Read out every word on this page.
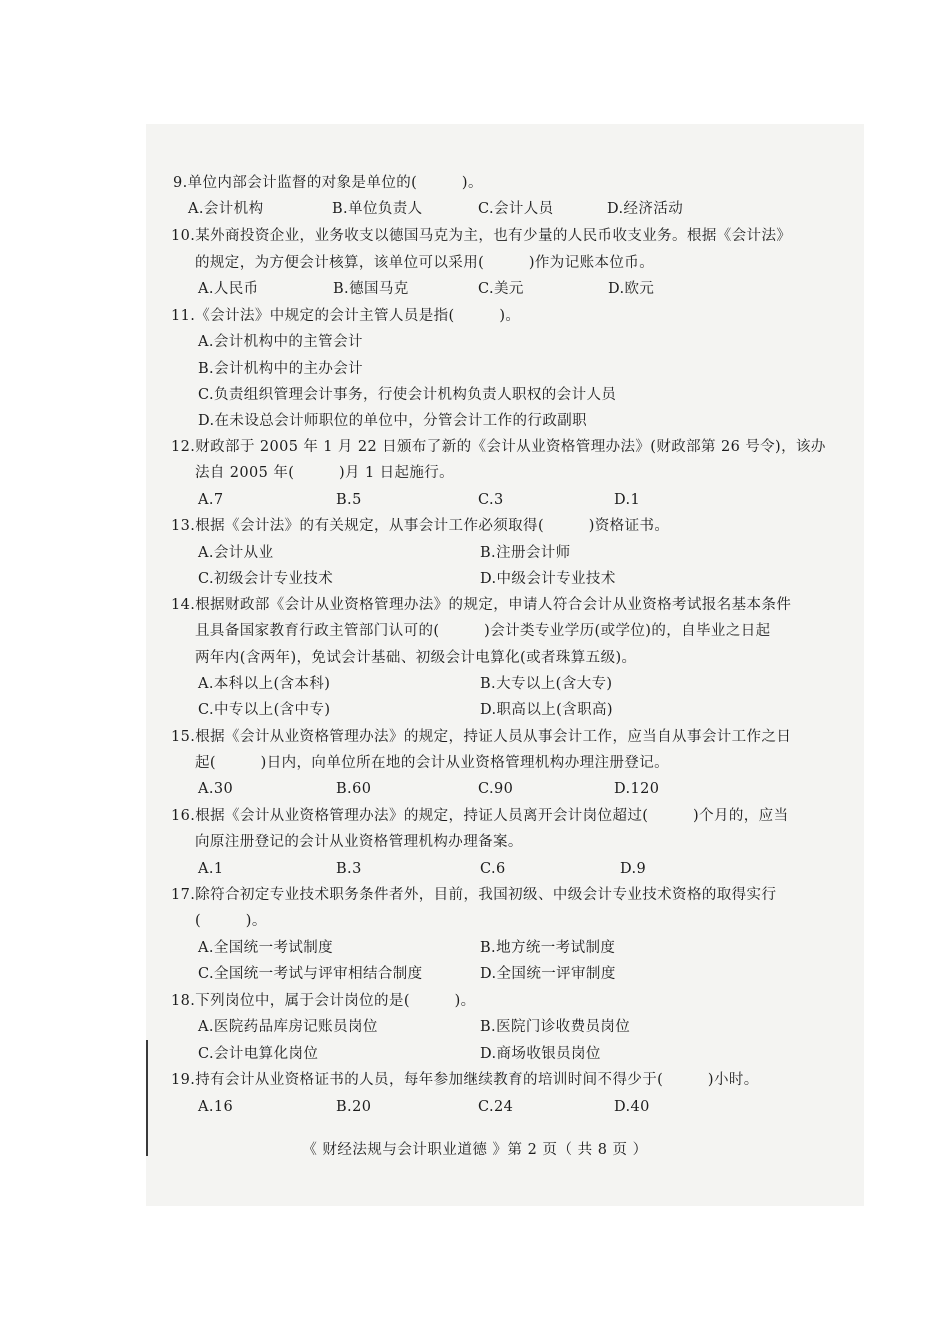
9.单位内部会计监督的对象是单位的(　　　)。
A.会计机构	B.单位负责人	C.会计人员	D.经济活动
10.某外商投资企业，业务收支以德国马克为主，也有少量的人民币收支业务。根据《会计法》
的规定，为方便会计核算，该单位可以采用(　　　)作为记账本位币。
A.人民币	B.德国马克	C.美元	D.欧元
11.《会计法》中规定的会计主管人员是指(　　　)。
A.会计机构中的主管会计
B.会计机构中的主办会计
C.负责组织管理会计事务，行使会计机构负责人职权的会计人员
D.在未设总会计师职位的单位中，分管会计工作的行政副职
12.财政部于 2005 年 1 月 22 日颁布了新的《会计从业资格管理办法》(财政部第 26 号令)，该办
法自 2005 年(　　　)月 1 日起施行。
A.7	B.5	C.3	D.1
13.根据《会计法》的有关规定，从事会计工作必须取得(　　　)资格证书。
A.会计从业	B.注册会计师
C.初级会计专业技术	D.中级会计专业技术
14.根据财政部《会计从业资格管理办法》的规定，申请人符合会计从业资格考试报名基本条件
且具备国家教育行政主管部门认可的(　　　)会计类专业学历(或学位)的，自毕业之日起
两年内(含两年)，免试会计基础、初级会计电算化(或者珠算五级)。
A.本科以上(含本科)	B.大专以上(含大专)
C.中专以上(含中专)	D.职高以上(含职高)
15.根据《会计从业资格管理办法》的规定，持证人员从事会计工作，应当自从事会计工作之日
起(　　　)日内，向单位所在地的会计从业资格管理机构办理注册登记。
A.30	B.60	C.90	D.120
16.根据《会计从业资格管理办法》的规定，持证人员离开会计岗位超过(　　　)个月的，应当
向原注册登记的会计从业资格管理机构办理备案。
A.1	B.3	C.6	D.9
17.除符合初定专业技术职务条件者外，目前，我国初级、中级会计专业技术资格的取得实行
(　　　)。
A.全国统一考试制度	B.地方统一考试制度
C.全国统一考试与评审相结合制度	D.全国统一评审制度
18.下列岗位中，属于会计岗位的是(　　　)。
A.医院药品库房记账员岗位	B.医院门诊收费员岗位
C.会计电算化岗位	D.商场收银员岗位
19.持有会计从业资格证书的人员，每年参加继续教育的培训时间不得少于(　　　)小时。
A.16	B.20	C.24	D.40
《 财经法规与会计职业道德 》第 2 页（ 共 8 页 ）
